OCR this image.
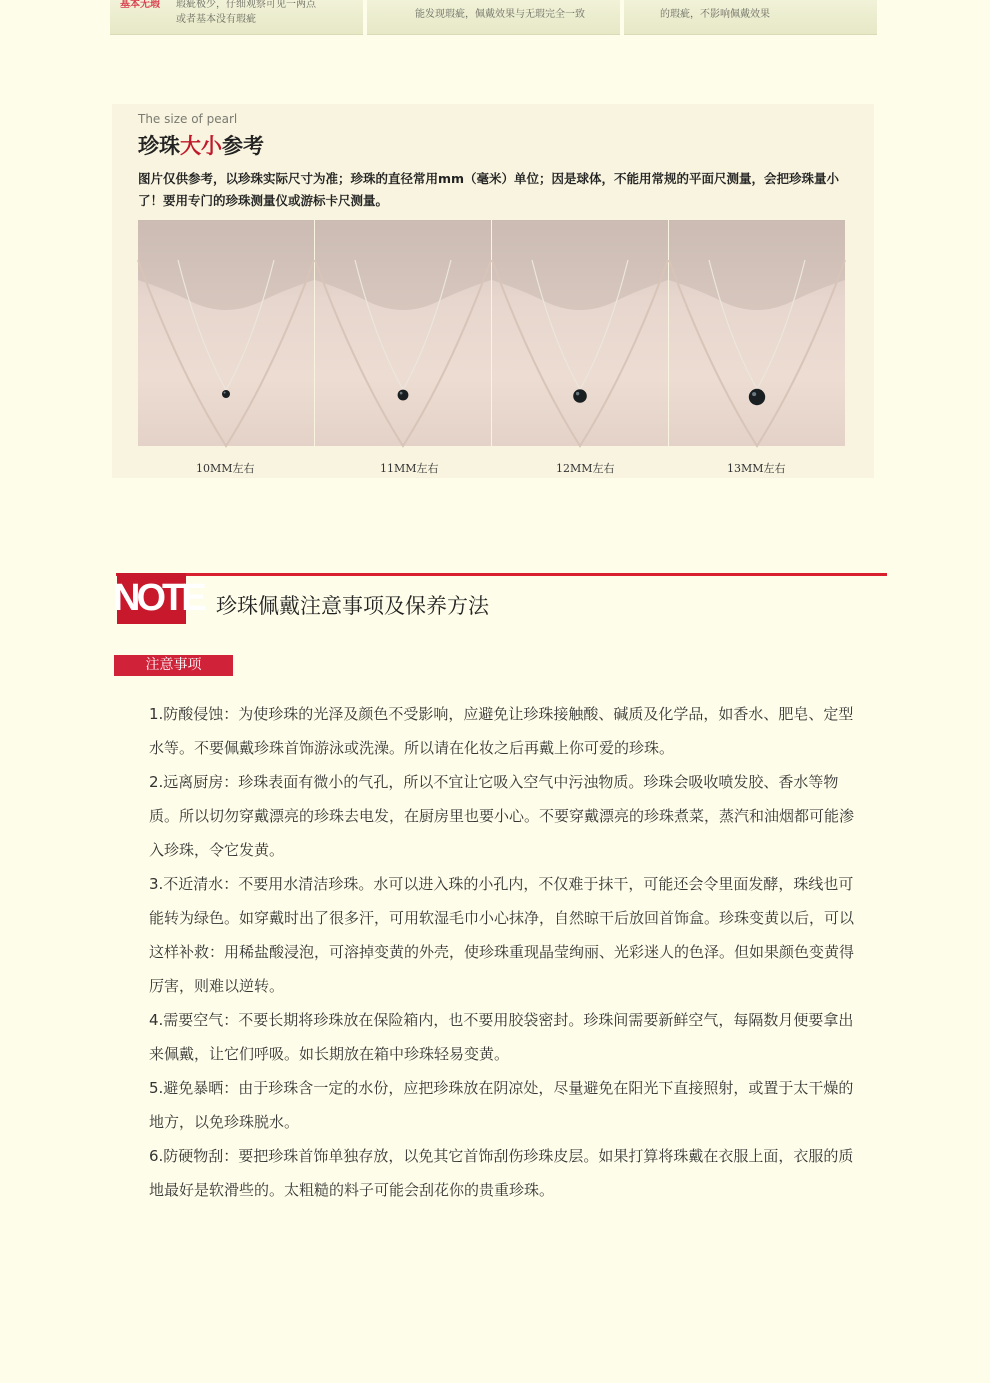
基本无瑕 瑕疵极少，仔细观察可见一两点
或者基本没有瑕疵	能发现瑕疵，佩戴效果与无瑕完全一致	的瑕疵，不影响佩戴效果
The size of pearl
珍珠大小参考
图片仅供参考，以珍珠实际尺寸为准；珍珠的直径常用mm（毫米）单位；因是球体，不能用常规的平面尺测量，会把珍珠量小了！要用专门的珍珠测量仪或游标卡尺测量。
10MM左右	11MM左右	12MM左右	13MM左右
NOTE 珍珠佩戴注意事项及保养方法
注意事项

1.防酸侵蚀：为使珍珠的光泽及颜色不受影响，应避免让珍珠接触酸、碱质及化学品，如香水、肥皂、定型水等。不要佩戴珍珠首饰游泳或洗澡。所以请在化妆之后再戴上你可爱的珍珠。

2.远离厨房：珍珠表面有微小的气孔，所以不宜让它吸入空气中污浊物质。珍珠会吸收喷发胶、香水等物质。所以切勿穿戴漂亮的珍珠去电发，在厨房里也要小心。不要穿戴漂亮的珍珠煮菜，蒸汽和油烟都可能渗入珍珠，令它发黄。

3.不近清水：不要用水清洁珍珠。水可以进入珠的小孔内，不仅难于抹干，可能还会令里面发酵，珠线也可能转为绿色。如穿戴时出了很多汗，可用软湿毛巾小心抹净，自然晾干后放回首饰盒。珍珠变黄以后，可以这样补救：用稀盐酸浸泡，可溶掉变黄的外壳，使珍珠重现晶莹绚丽、光彩迷人的色泽。但如果颜色变黄得厉害，则难以逆转。

4.需要空气：不要长期将珍珠放在保险箱内，也不要用胶袋密封。珍珠间需要新鲜空气，每隔数月便要拿出来佩戴，让它们呼吸。如长期放在箱中珍珠轻易变黄。

5.避免暴晒：由于珍珠含一定的水份，应把珍珠放在阴凉处，尽量避免在阳光下直接照射，或置于太干燥的地方，以免珍珠脱水。

6.防硬物刮：要把珍珠首饰单独存放，以免其它首饰刮伤珍珠皮层。如果打算将珠戴在衣服上面，衣服的质地最好是软滑些的。太粗糙的料子可能会刮花你的贵重珍珠。
